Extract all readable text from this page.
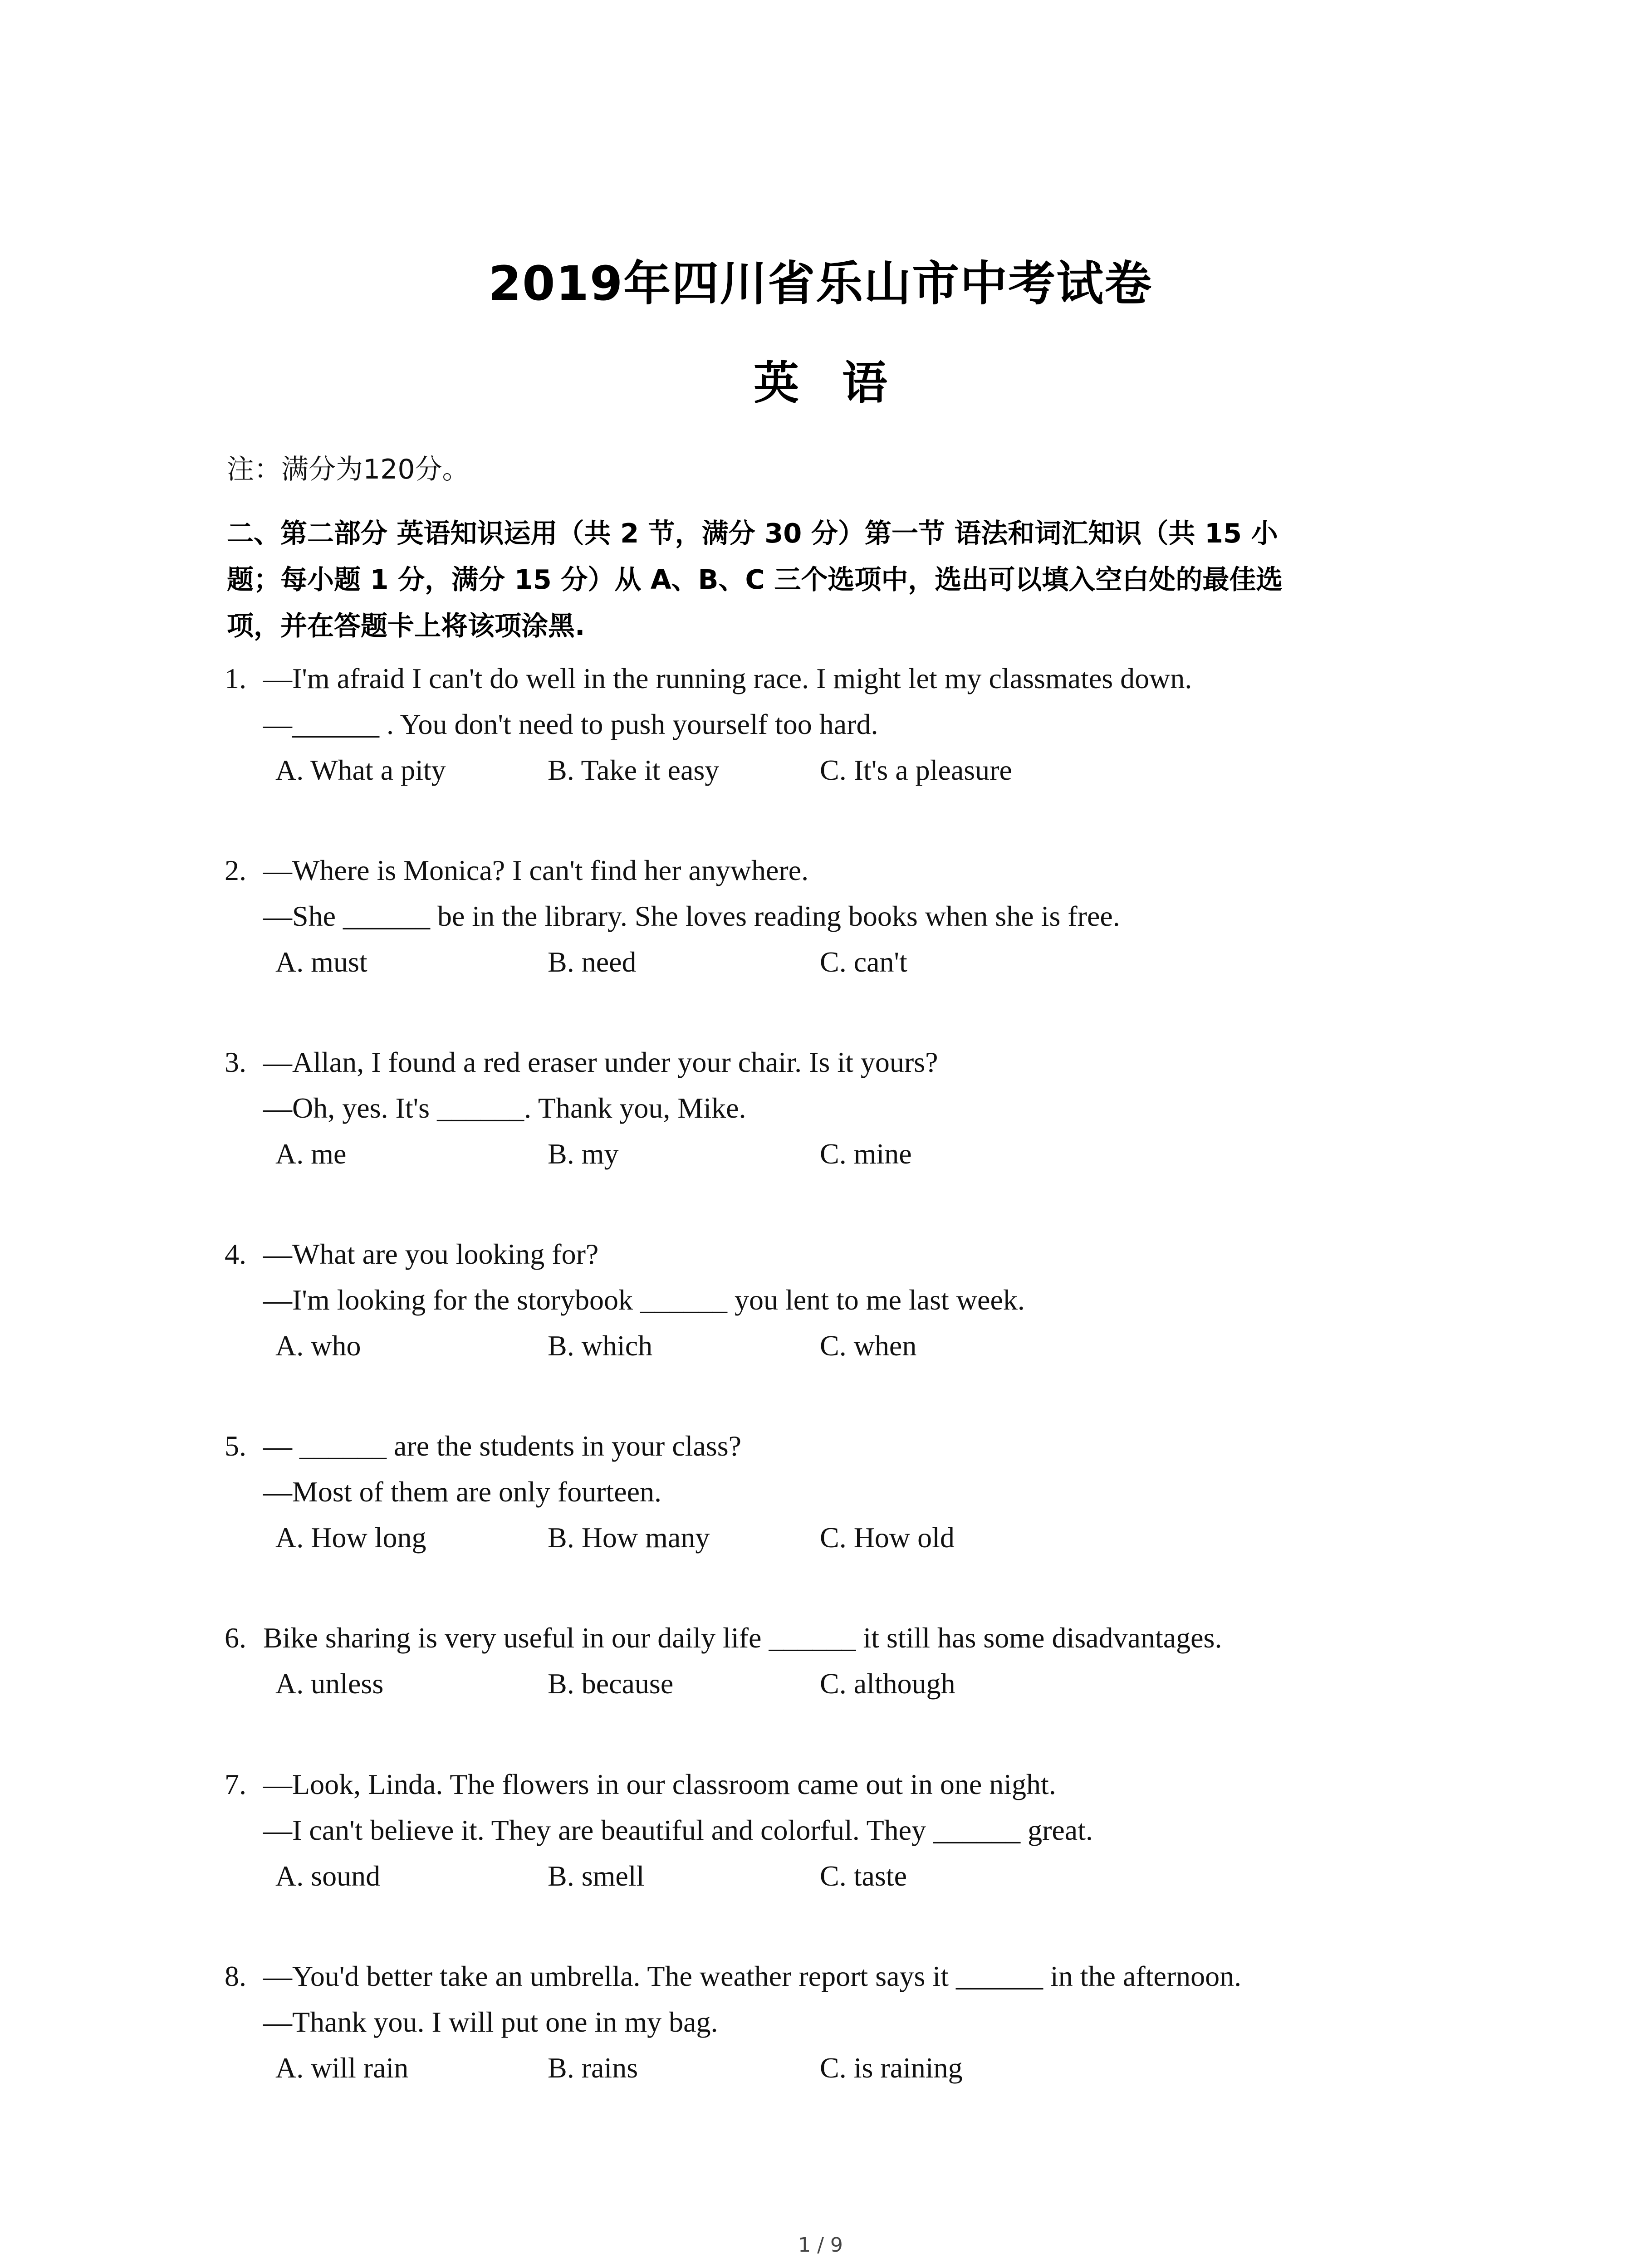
2019年四川省乐山市中考试卷
英 语
注：满分为120分。
二、第二部分 英语知识运用（共 2 节，满分 30 分）第一节 语法和词汇知识（共 15 小
题；每小题 1 分，满分 15 分）从 A、B、C 三个选项中，选出可以填入空白处的最佳选
项，并在答题卡上将该项涂黑.
1. —I'm afraid I can't do well in the running race. I might let my classmates down.
—______ . You don't need to push yourself too hard.
A. What a pity	B. Take it easy	C. It's a pleasure
2. —Where is Monica? I can't find her anywhere.
—She ______ be in the library. She loves reading books when she is free.
A. must	B. need	C. can't
3. —Allan, I found a red eraser under your chair. Is it yours?
—Oh, yes. It's ______. Thank you, Mike.
A. me	B. my	C. mine
4. —What are you looking for?
—I'm looking for the storybook ______ you lent to me last week.
A. who	B. which	C. when
5. — ______ are the students in your class?
—Most of them are only fourteen.
A. How long	B. How many	C. How old
6. Bike sharing is very useful in our daily life ______ it still has some disadvantages.
A. unless	B. because	C. although
7. —Look, Linda. The flowers in our classroom came out in one night.
—I can't believe it. They are beautiful and colorful. They ______ great.
A. sound	B. smell	C. taste
8. —You'd better take an umbrella. The weather report says it ______ in the afternoon.
—Thank you. I will put one in my bag.
A. will rain	B. rains	C. is raining
1 / 9
